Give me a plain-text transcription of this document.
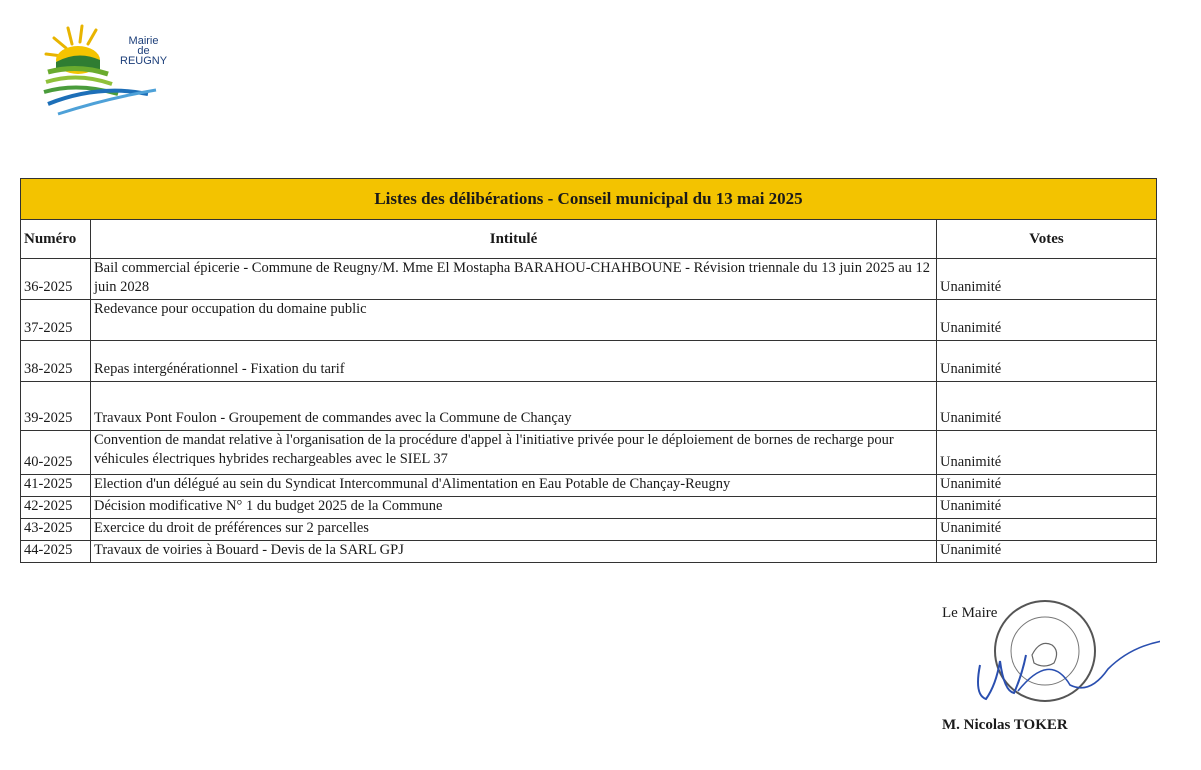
Mairie
de
REUGNY
Listes des délibérations - Conseil municipal du 13 mai 2025		
Numéro	Intitulé	Votes
36-2025	Bail commercial épicerie - Commune de Reugny/M. Mme El Mostapha BARAHOU-CHAHBOUNE - Révision triennale du 13 juin 2025 au 12 juin 2028	Unanimité
37-2025	Redevance pour occupation du domaine public	Unanimité
38-2025	Repas intergénérationnel - Fixation du tarif	Unanimité
39-2025	Travaux Pont Foulon - Groupement de commandes avec la Commune de Chançay	Unanimité
40-2025	Convention de mandat relative à l'organisation de la procédure d'appel à l'initiative privée pour le déploiement de bornes de recharge pour véhicules électriques hybrides rechargeables avec le SIEL 37	Unanimité
41-2025	Election d'un délégué au sein du Syndicat Intercommunal d'Alimentation en Eau Potable de Chançay-Reugny	Unanimité
42-2025	Décision modificative N° 1 du budget 2025 de la Commune	Unanimité
43-2025	Exercice du droit de préférences sur 2 parcelles	Unanimité
44-2025	Travaux de voiries à Bouard - Devis de la SARL GPJ	Unanimité
Le Maire
M. Nicolas TOKER
